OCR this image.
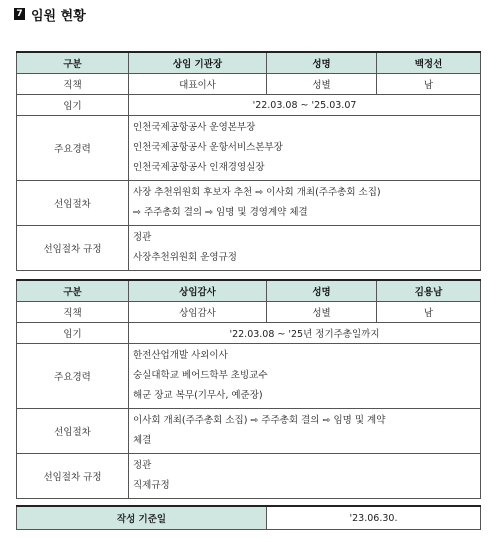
7 임원 현황
구분	상임 기관장	성명	백정선
직책	대표이사	성별	남
임기	'22.03.08 ~ '25.03.07		
주요경력	인천국제공항공사 운영본부장
인천국제공항공사 운항서비스본부장
인천국제공항공사 인재경영실장		

선임절차	사장 추천위원회 후보자 추천 ⇨ 이사회 개최(주주총회 소집)
⇨ 주주총회 결의 ⇨ 임명 및 경영계약 체결		

선임절차 규정	정관
사장추천위원회 운영규정		
구분	상임감사	성명	김용남
직책	상임감사	성별	남
임기	'22.03.08 ~ '25년 정기주총일까지		
주요경력	한전산업개발 사외이사
숭실대학교 베어드학부 초빙교수
해군 장교 복무(기무사, 예준장)		

선임절차	이사회 개최(주주총회 소집) ⇨ 주주총회 결의 ⇨ 임명 및 계약
체결		

선임절차 규정	정관
직제규정		
작성 기준일	'23.06.30.
